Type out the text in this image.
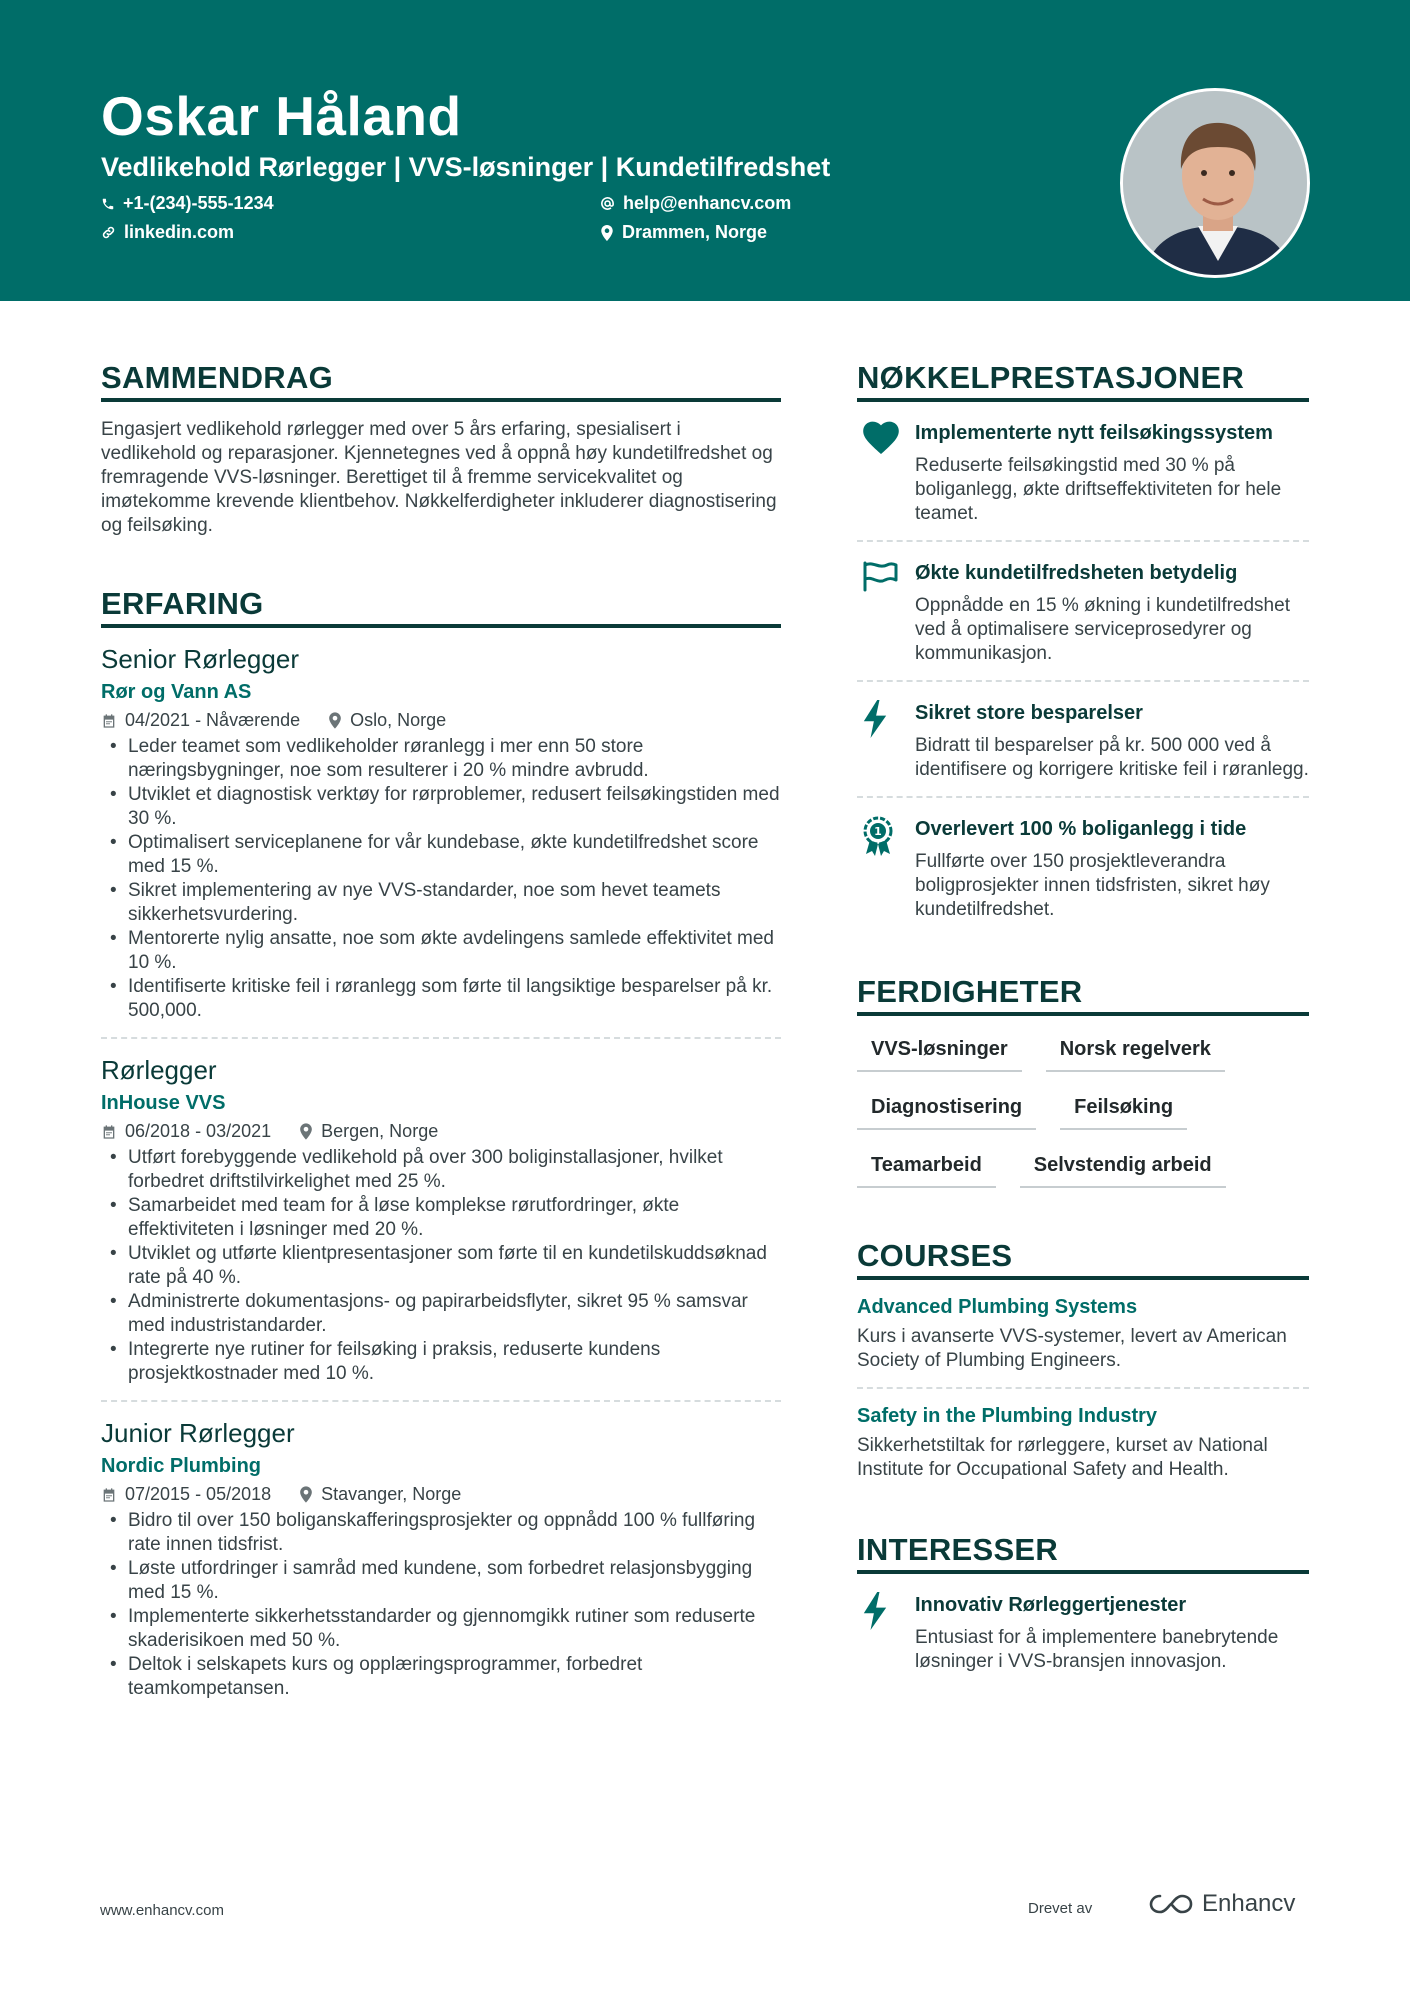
Oskar Håland
Vedlikehold Rørlegger | VVS-løsninger | Kundetilfredshet
+1-(234)-555-1234	help@enhancv.com
linkedin.com	Drammen, Norge
SAMMENDRAG
Engasjert vedlikehold rørlegger med over 5 års erfaring, spesialisert i vedlikehold og reparasjoner. Kjennetegnes ved å oppnå høy kundetilfredshet og fremragende VVS-løsninger. Berettiget til å fremme servicekvalitet og imøtekomme krevende klientbehov. Nøkkelferdigheter inkluderer diagnostisering og feilsøking.
ERFARING
Senior Rørlegger
Rør og Vann AS
04/2021 - Nåværende	Oslo, Norge
• Leder teamet som vedlikeholder røranlegg i mer enn 50 store næringsbygninger, noe som resulterer i 20 % mindre avbrudd.
• Utviklet et diagnostisk verktøy for rørproblemer, redusert feilsøkingstiden med 30 %.
• Optimalisert serviceplanene for vår kundebase, økte kundetilfredshet score med 15 %.
• Sikret implementering av nye VVS-standarder, noe som hevet teamets sikkerhetsvurdering.
• Mentorerte nylig ansatte, noe som økte avdelingens samlede effektivitet med 10 %.
• Identifiserte kritiske feil i røranlegg som førte til langsiktige besparelser på kr. 500,000.
Rørlegger
InHouse VVS
06/2018 - 03/2021	Bergen, Norge
• Utført forebyggende vedlikehold på over 300 boliginstallasjoner, hvilket forbedret driftstilvirkelighet med 25 %.
• Samarbeidet med team for å løse komplekse rørutfordringer, økte effektiviteten i løsninger med 20 %.
• Utviklet og utførte klientpresentasjoner som førte til en kundetilskuddsøknad rate på 40 %.
• Administrerte dokumentasjons- og papirarbeidsflyter, sikret 95 % samsvar med industristandarder.
• Integrerte nye rutiner for feilsøking i praksis, reduserte kundens prosjektkostnader med 10 %.
Junior Rørlegger
Nordic Plumbing
07/2015 - 05/2018	Stavanger, Norge
• Bidro til over 150 boliganskafferingsprosjekter og oppnådd 100 % fullføring rate innen tidsfrist.
• Løste utfordringer i samråd med kundene, som forbedret relasjonsbygging med 15 %.
• Implementerte sikkerhetsstandarder og gjennomgikk rutiner som reduserte skaderisikoen med 50 %.
• Deltok i selskapets kurs og opplæringsprogrammer, forbedret teamkompetansen.
NØKKELPRESTASJONER
Implementerte nytt feilsøkingssystem
Reduserte feilsøkingstid med 30 % på boliganlegg, økte driftseffektiviteten for hele teamet.
Økte kundetilfredsheten betydelig
Oppnådde en 15 % økning i kundetilfredshet ved å optimalisere serviceprosedyrer og kommunikasjon.
Sikret store besparelser
Bidratt til besparelser på kr. 500 000 ved å identifisere og korrigere kritiske feil i røranlegg.
1 Overlevert 100 % boliganlegg i tide
Fullførte over 150 prosjektleverandra boligprosjekter innen tidsfristen, sikret høy kundetilfredshet.
FERDIGHETER
VVS-løsninger	Norsk regelverk
Diagnostisering	Feilsøking
Teamarbeid	Selvstendig arbeid
COURSES
Advanced Plumbing Systems
Kurs i avanserte VVS-systemer, levert av American Society of Plumbing Engineers.
Safety in the Plumbing Industry
Sikkerhetstiltak for rørleggere, kurset av National Institute for Occupational Safety and Health.
INTERESSER
Innovativ Rørleggertjenester
Entusiast for å implementere banebrytende løsninger i VVS-bransjen innovasjon.
www.enhancv.com	Drevet av	Enhancv
